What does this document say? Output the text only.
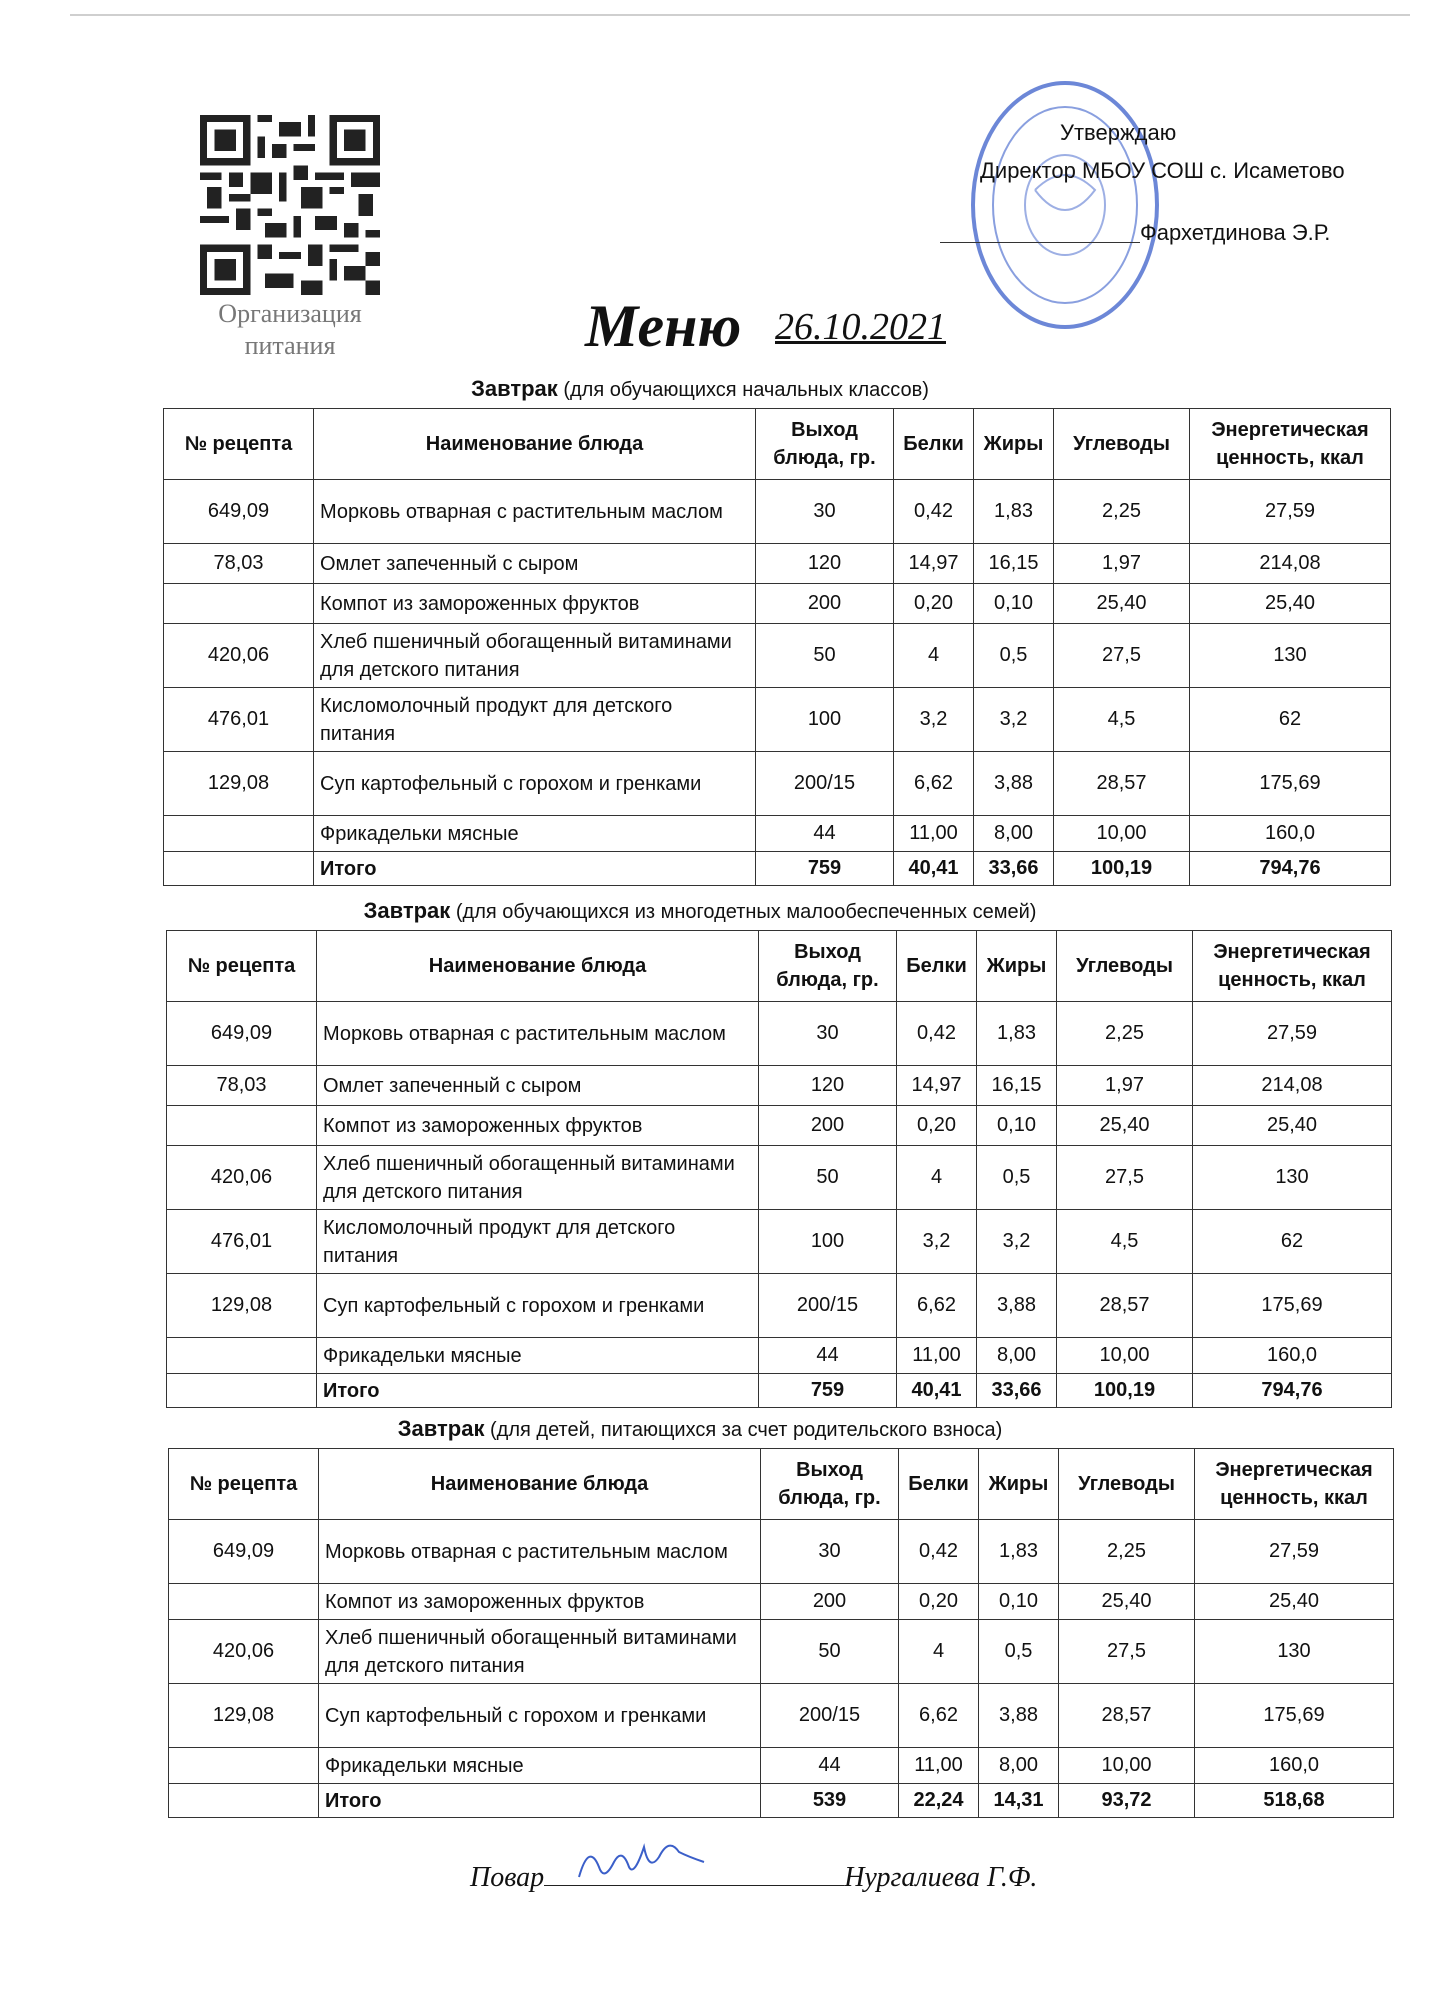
Организация
питания
Утверждаю
Директор МБОУ СОШ с. Исаметово
Фархетдинова Э.Р.
Меню 26.10.2021
Завтрак (для обучающихся начальных классов)
№ рецепта	Наименование блюда	Выход блюда, гр.	Белки	Жиры	Углеводы	Энергетическая ценность, ккал
649,09	Морковь отварная с растительным маслом	30	0,42	1,83	2,25	27,59
78,03	Омлет запеченный с сыром	120	14,97	16,15	1,97	214,08
	Компот из замороженных фруктов	200	0,20	0,10	25,40	25,40
420,06	Хлеб пшеничный обогащенный витаминами для детского питания	50	4	0,5	27,5	130
476,01	Кисломолочный продукт для детского питания	100	3,2	3,2	4,5	62
129,08	Суп картофельный с горохом и гренками	200/15	6,62	3,88	28,57	175,69
	Фрикадельки мясные	44	11,00	8,00	10,00	160,0
	Итого	759	40,41	33,66	100,19	794,76
Завтрак (для обучающихся из многодетных малообеспеченных семей)
№ рецепта	Наименование блюда	Выход блюда, гр.	Белки	Жиры	Углеводы	Энергетическая ценность, ккал
649,09	Морковь отварная с растительным маслом	30	0,42	1,83	2,25	27,59
78,03	Омлет запеченный с сыром	120	14,97	16,15	1,97	214,08
	Компот из замороженных фруктов	200	0,20	0,10	25,40	25,40
420,06	Хлеб пшеничный обогащенный витаминами для детского питания	50	4	0,5	27,5	130
476,01	Кисломолочный продукт для детского питания	100	3,2	3,2	4,5	62
129,08	Суп картофельный с горохом и гренками	200/15	6,62	3,88	28,57	175,69
	Фрикадельки мясные	44	11,00	8,00	10,00	160,0
	Итого	759	40,41	33,66	100,19	794,76
Завтрак (для детей, питающихся за счет родительского взноса)
№ рецепта	Наименование блюда	Выход блюда, гр.	Белки	Жиры	Углеводы	Энергетическая ценность, ккал
649,09	Морковь отварная с растительным маслом	30	0,42	1,83	2,25	27,59
	Компот из замороженных фруктов	200	0,20	0,10	25,40	25,40
420,06	Хлеб пшеничный обогащенный витаминами для детского питания	50	4	0,5	27,5	130
129,08	Суп картофельный с горохом и гренками	200/15	6,62	3,88	28,57	175,69
	Фрикадельки мясные	44	11,00	8,00	10,00	160,0
	Итого	539	22,24	14,31	93,72	518,68
Повар	Нургалиева Г.Ф.
